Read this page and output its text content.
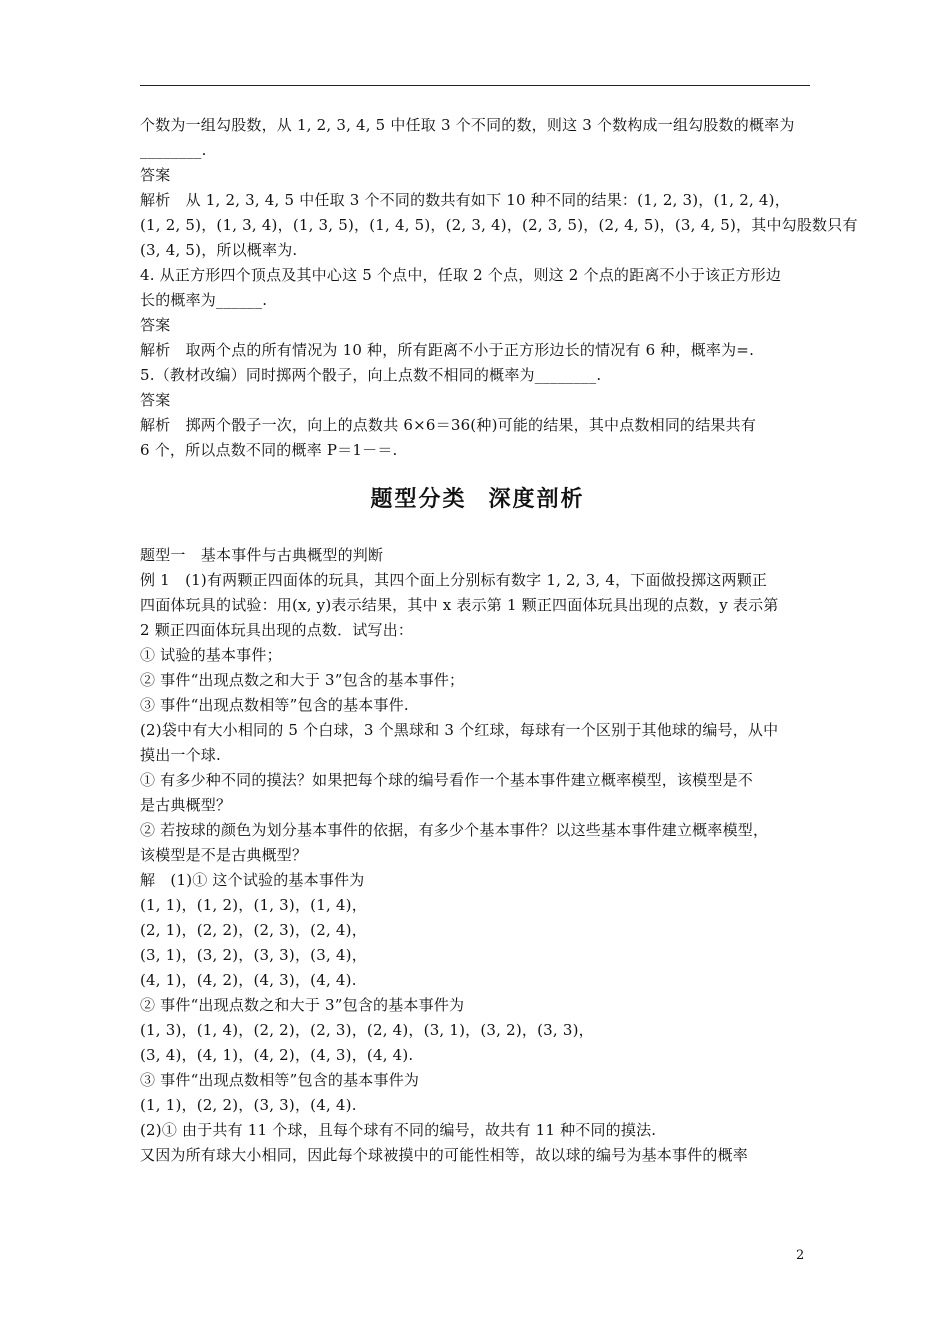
个数为一组勾股数，从 1, 2, 3, 4, 5 中任取 3 个不同的数，则这 3 个数构成一组勾股数的概率为
________.
答案
解析　从 1, 2, 3, 4, 5 中任取 3 个不同的数共有如下 10 种不同的结果：(1, 2, 3)，(1, 2, 4)，
(1, 2, 5)，(1, 3, 4)，(1, 3, 5)，(1, 4, 5)，(2, 3, 4)，(2, 3, 5)，(2, 4, 5)，(3, 4, 5)，其中勾股数只有
(3, 4, 5)，所以概率为.
4. 从正方形四个顶点及其中心这 5 个点中，任取 2 个点，则这 2 个点的距离不小于该正方形边
长的概率为______.
答案
解析　取两个点的所有情况为 10 种，所有距离不小于正方形边长的情况有 6 种，概率为=.
5.（教材改编）同时掷两个骰子，向上点数不相同的概率为________.
答案
解析　掷两个骰子一次，向上的点数共 6×6＝36(种)可能的结果，其中点数相同的结果共有
6 个，所以点数不同的概率 P＝1－＝.
题型分类 深度剖析
题型一　基本事件与古典概型的判断
例 1　(1)有两颗正四面体的玩具，其四个面上分别标有数字 1, 2, 3, 4，下面做投掷这两颗正
四面体玩具的试验：用(x, y)表示结果，其中 x 表示第 1 颗正四面体玩具出现的点数，y 表示第
2 颗正四面体玩具出现的点数．试写出：
① 试验的基本事件；
② 事件“出现点数之和大于 3”包含的基本事件；
③ 事件“出现点数相等”包含的基本事件.
(2)袋中有大小相同的 5 个白球，3 个黑球和 3 个红球，每球有一个区别于其他球的编号，从中
摸出一个球.
① 有多少种不同的摸法？如果把每个球的编号看作一个基本事件建立概率模型，该模型是不
是古典概型？
② 若按球的颜色为划分基本事件的依据，有多少个基本事件？以这些基本事件建立概率模型，
该模型是不是古典概型？
解　(1)① 这个试验的基本事件为
(1, 1)，(1, 2)，(1, 3)，(1, 4)，
(2, 1)，(2, 2)，(2, 3)，(2, 4)，
(3, 1)，(3, 2)，(3, 3)，(3, 4)，
(4, 1)，(4, 2)，(4, 3)，(4, 4).
② 事件“出现点数之和大于 3”包含的基本事件为
(1, 3)，(1, 4)，(2, 2)，(2, 3)，(2, 4)，(3, 1)，(3, 2)，(3, 3)，
(3, 4)，(4, 1)，(4, 2)，(4, 3)，(4, 4).
③ 事件“出现点数相等”包含的基本事件为
(1, 1)，(2, 2)，(3, 3)，(4, 4).
(2)① 由于共有 11 个球，且每个球有不同的编号，故共有 11 种不同的摸法.
又因为所有球大小相同，因此每个球被摸中的可能性相等，故以球的编号为基本事件的概率
2
